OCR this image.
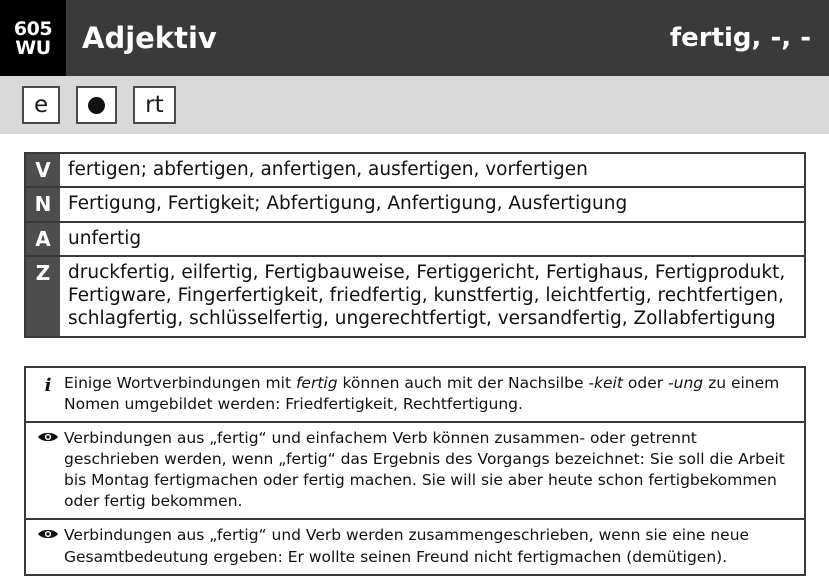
605
WU Adjektiv	fertig, -, -
e	rt
V fertigen; abfertigen, anfertigen, ausfertigen, vorfertigen
N Fertigung, Fertigkeit; Abfertigung, Anfertigung, Ausfertigung
A unfertig
Z druckfertig, eilfertig, Fertigbauweise, Fertiggericht, Fertighaus, Fertigprodukt, Fertigware, Fingerfertigkeit, friedfertig, kunstfertig, leichtfertig, rechtfertigen, schlagfertig, schlüsselfertig, ungerechtfertigt, versandfertig, Zollabfertigung
i Einige Wortverbindungen mit fertig können auch mit der Nachsilbe -keit oder -ung zu einem Nomen umgebildet werden: Friedfertigkeit, Rechtfertigung.
Verbindungen aus „fertig“ und einfachem Verb können zusammen- oder getrennt geschrieben werden, wenn „fertig“ das Ergebnis des Vorgangs bezeichnet: Sie soll die Arbeit bis Montag fertigmachen oder fertig machen. Sie will sie aber heute schon fertigbekommen oder fertig bekommen.
Verbindungen aus „fertig“ und Verb werden zusammengeschrieben, wenn sie eine neue Gesamtbedeutung ergeben: Er wollte seinen Freund nicht fertigmachen (demütigen).
